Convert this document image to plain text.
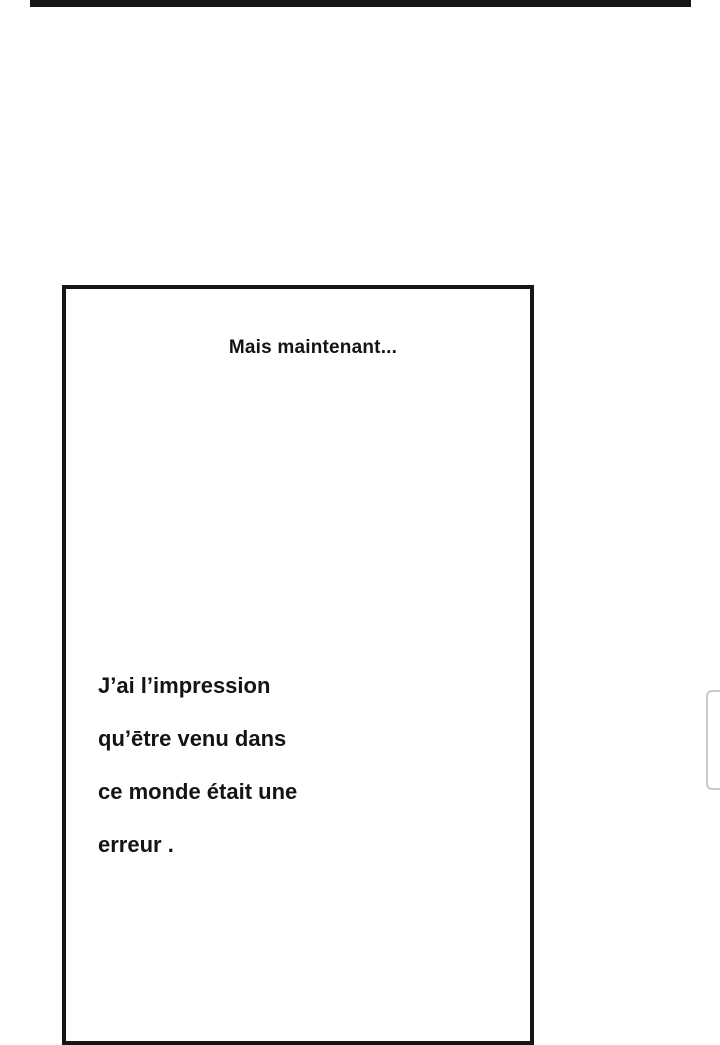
Mais maintenant...
J’ai l’impression
qu’ētre venu dans
ce monde était une
erreur .
